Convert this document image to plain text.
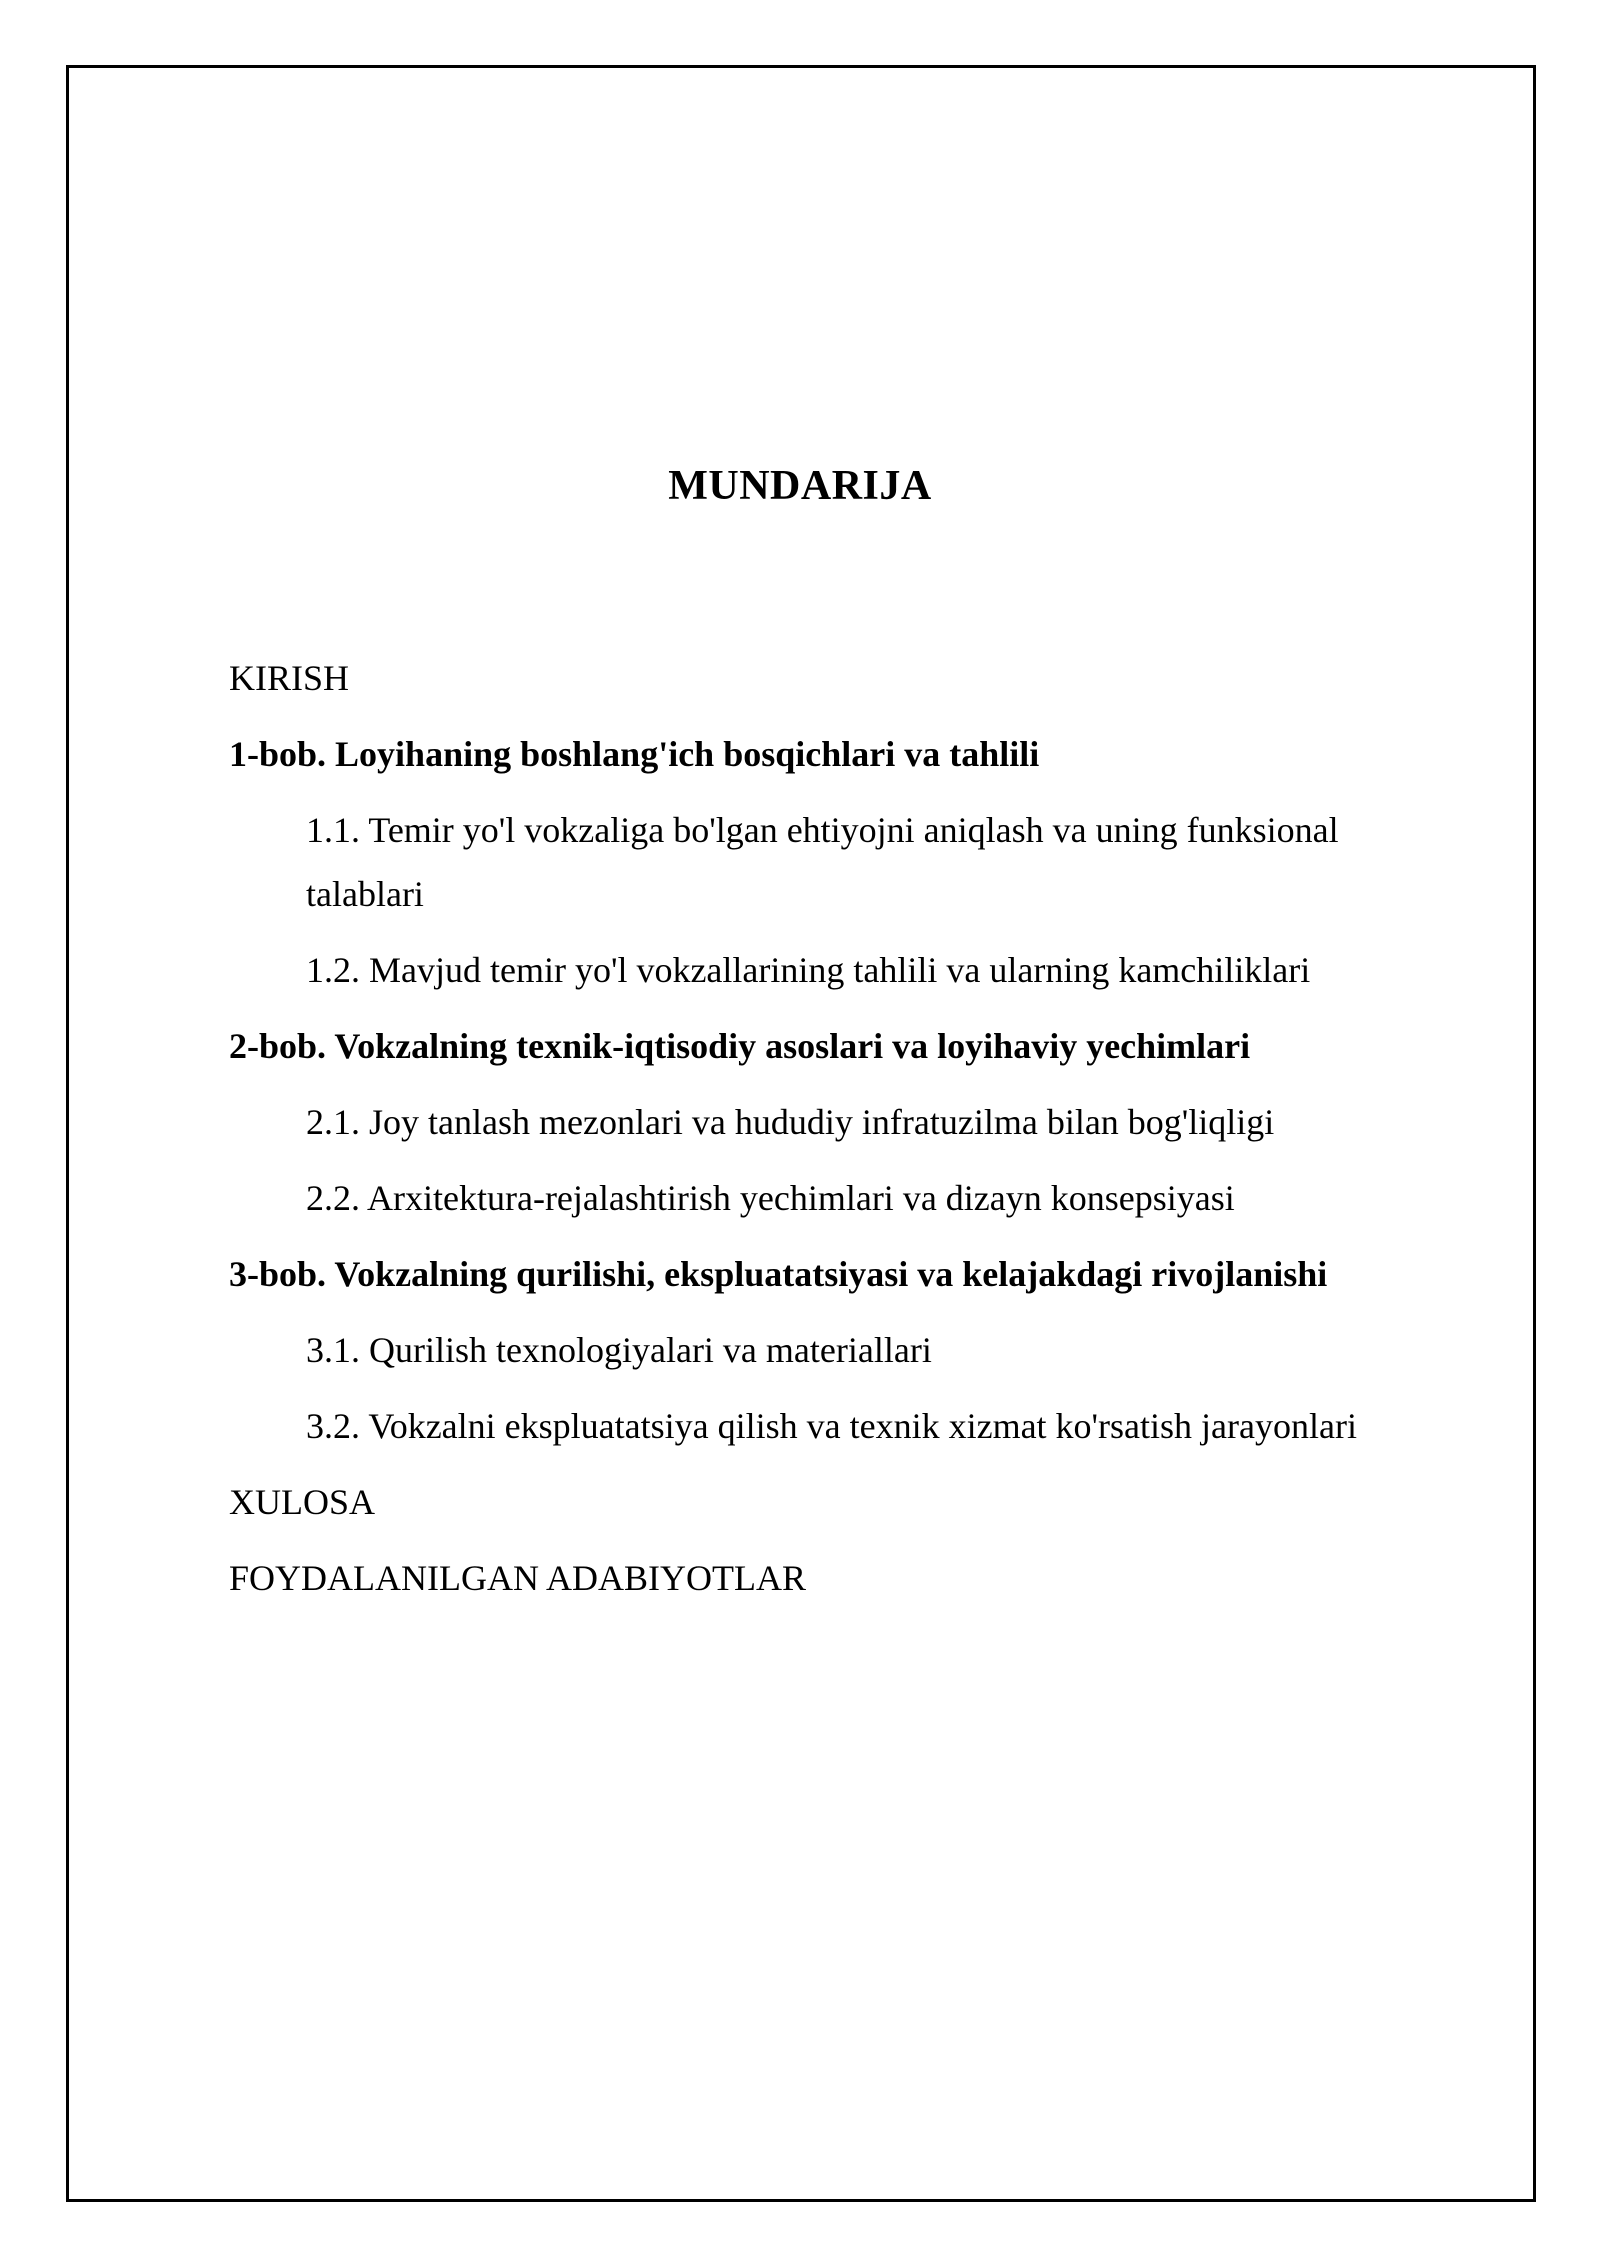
MUNDARIJA
KIRISH
1-bob. Loyihaning boshlang'ich bosqichlari va tahlili
1.1. Temir yo'l vokzaliga bo'lgan ehtiyojni aniqlash va uning funksional talablari
1.2. Mavjud temir yo'l vokzallarining tahlili va ularning kamchiliklari
2-bob. Vokzalning texnik-iqtisodiy asoslari va loyihaviy yechimlari
2.1. Joy tanlash mezonlari va hududiy infratuzilma bilan bog'liqligi
2.2. Arxitektura-rejalashtirish yechimlari va dizayn konsepsiyasi
3-bob. Vokzalning qurilishi, ekspluatatsiyasi va kelajakdagi rivojlanishi
3.1. Qurilish texnologiyalari va materiallari
3.2. Vokzalni ekspluatatsiya qilish va texnik xizmat ko'rsatish jarayonlari
XULOSA
FOYDALANILGAN ADABIYOTLAR
